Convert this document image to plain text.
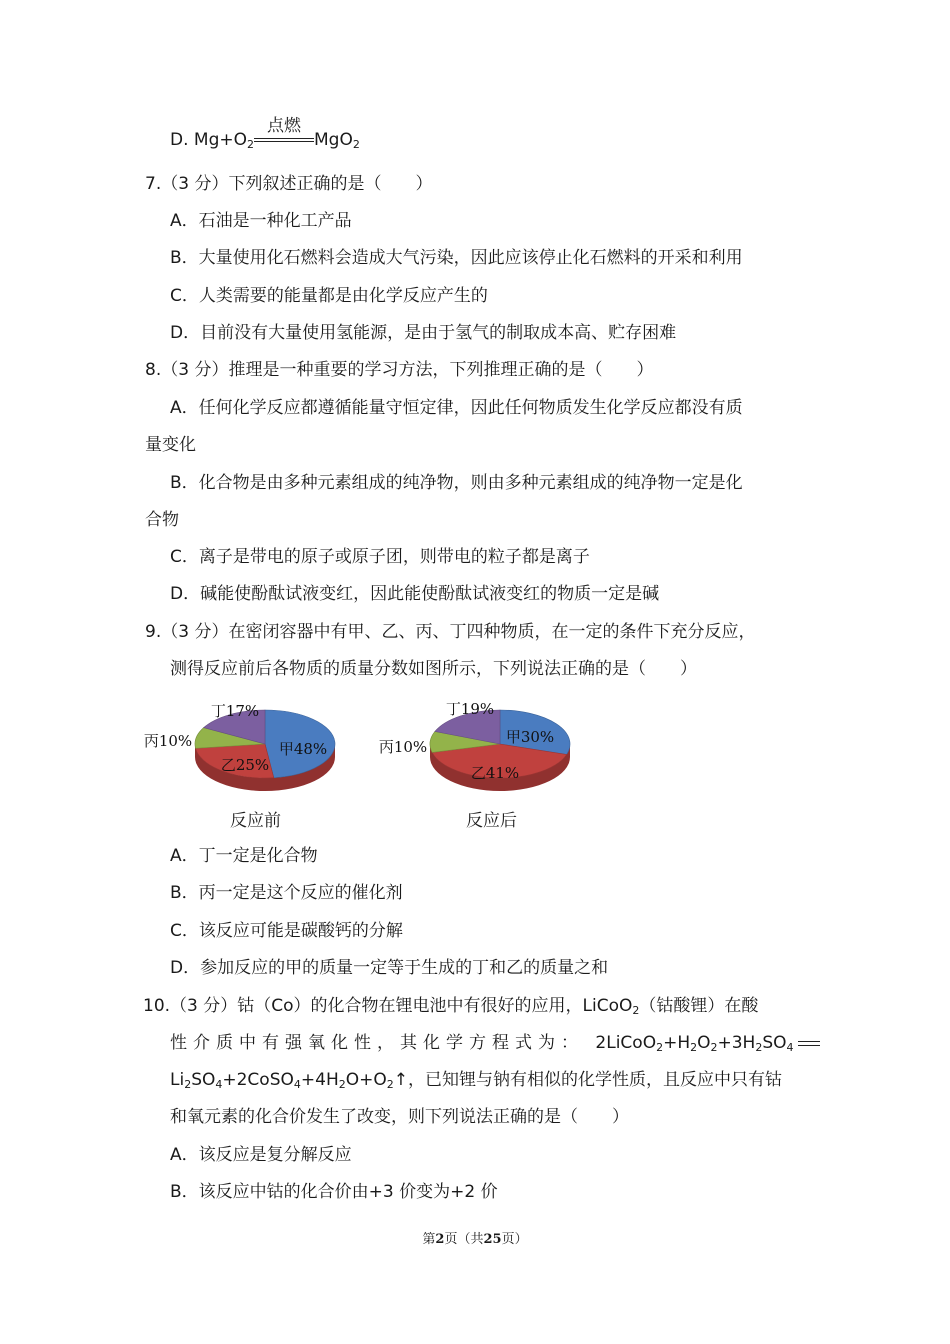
D. $Mg+O_2$
点燃
MgO$_2$
7.（3 分）下列叙述正确的是（　　）
A．石油是一种化工产品
B．大量使用化石燃料会造成大气污染，因此应该停止化石燃料的开采和利用
C．人类需要的能量都是由化学反应产生的
D．目前没有大量使用氢能源，是由于氢气的制取成本高、贮存困难
8.（3 分）推理是一种重要的学习方法，下列推理正确的是（　　）
A．任何化学反应都遵循能量守恒定律，因此任何物质发生化学反应都没有质
量变化
B．化合物是由多种元素组成的纯净物，则由多种元素组成的纯净物一定是化
合物
C．离子是带电的原子或原子团，则带电的粒子都是离子
D．碱能使酚酞试液变红，因此能使酚酞试液变红的物质一定是碱
9.（3 分）在密闭容器中有甲、乙、丙、丁四种物质，在一定的条件下充分反应，
测得反应前后各物质的质量分数如图所示，下列说法正确的是（　　）
甲48%
乙25%
丙10%
丁17%
甲30%
乙41%
丙10%
丁19%
反应前	反应后
A．丁一定是化合物
B．丙一定是这个反应的催化剂
C．该反应可能是碳酸钙的分解
D．参加反应的甲的质量一定等于生成的丁和乙的质量之和
10.（3 分）钴（Co）的化合物在锂电池中有很好的应用，LiCoO$_2$（钴酸锂）在酸
性介质中有强氧化性，其化学方程式为： $2LiCoO_2+H_2O_2+3H_2SO_4$
$Li_2SO_4+2CoSO_4+4H_2O+O_2↑$，已知锂与钠有相似的化学性质，且反应中只有钴
和氧元素的化合价发生了改变，则下列说法正确的是（　　）
A．该反应是复分解反应
B．该反应中钴的化合价由+3 价变为+2 价
第2页（共25页）
